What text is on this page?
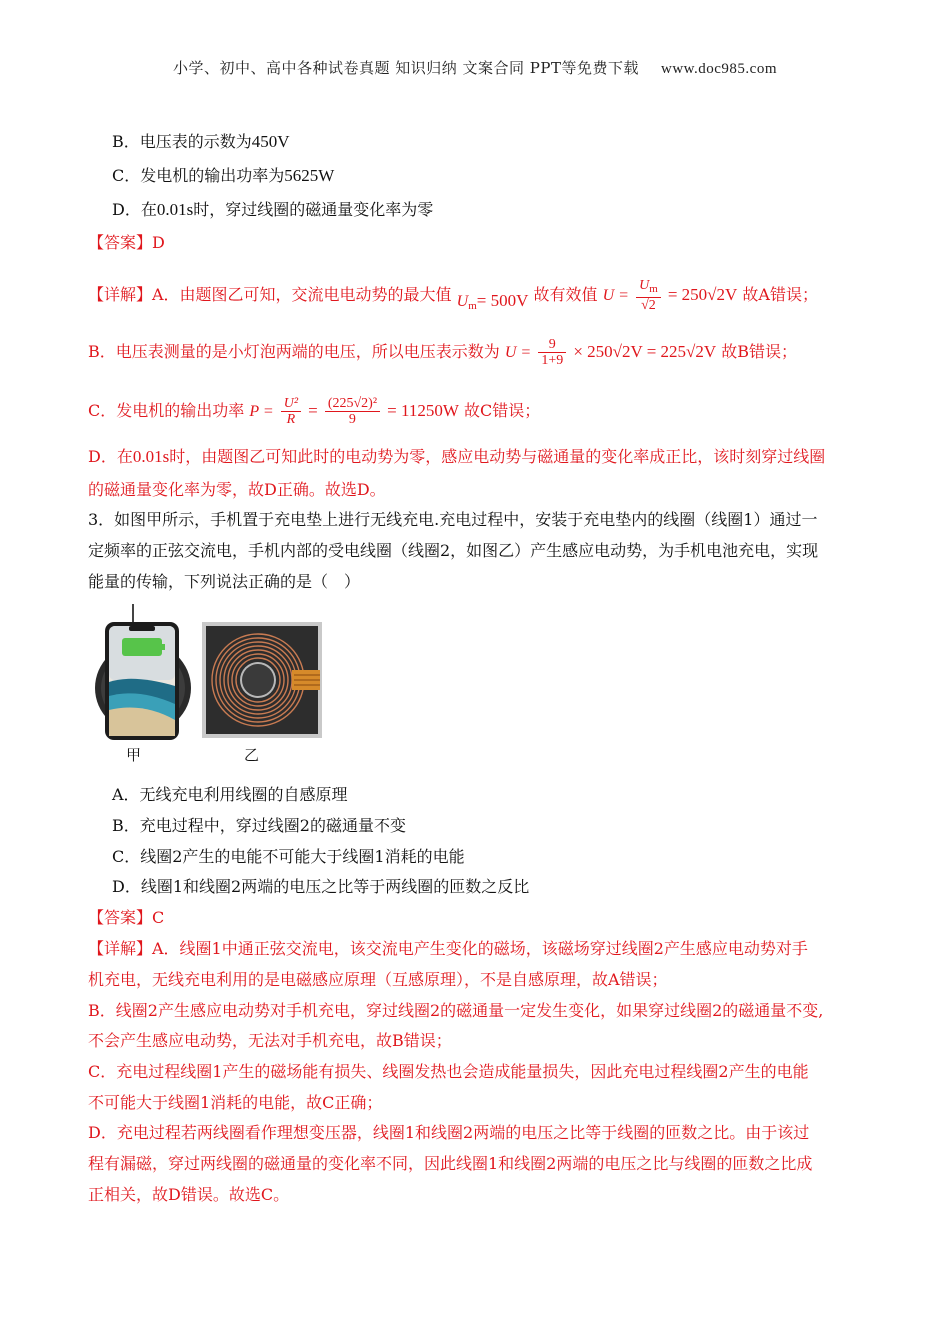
小学、初中、高中各种试卷真题 知识归纳 文案合同 PPT等免费下载 www.doc985.com
B．电压表的示数为450V
C．发电机的输出功率为5625W
D．在0.01s时，穿过线圈的磁通量变化率为零
【答案】D
【详解】A．由题图乙可知，交流电电动势的最大值 $U_m= 500V$ 故有效值 $U = \frac{U_m}{√2} = 250√2V$ 故A错误；
B．电压表测量的是小灯泡两端的电压，所以电压表示数为 $U = \frac{9}{1+9} \times 250√2V = 225√2V$ 故B错误；
C．发电机的输出功率 $P = \frac{\text{U²}}{R} = \frac{\text{(225√2)²}}{9} = 11250W$ 故C错误；
D．在0.01s时，由题图乙可知此时的电动势为零，感应电动势与磁通量的变化率成正比，该时刻穿过线圈
的磁通量变化率为零，故D正确。故选D。
3．如图甲所示，手机置于充电垫上进行无线充电.充电过程中，安装于充电垫内的线圈（线圈1）通过一
定频率的正弦交流电，手机内部的受电线圈（线圈2，如图乙）产生感应电动势，为手机电池充电，实现
能量的传输，下列说法正确的是（　）
甲	乙
A．无线充电利用线圈的自感原理
B．充电过程中，穿过线圈2的磁通量不变
C．线圈2产生的电能不可能大于线圈1消耗的电能
D．线圈1和线圈2两端的电压之比等于两线圈的匝数之反比
【答案】C
【详解】A．线圈1中通正弦交流电，该交流电产生变化的磁场，该磁场穿过线圈2产生感应电动势对手
机充电，无线充电利用的是电磁感应原理（互感原理），不是自感原理，故A错误；
B．线圈2产生感应电动势对手机充电，穿过线圈2的磁通量一定发生变化，如果穿过线圈2的磁通量不变,
不会产生感应电动势，无法对手机充电，故B错误；
C．充电过程线圈1产生的磁场能有损失、线圈发热也会造成能量损失，因此充电过程线圈2产生的电能
不可能大于线圈1消耗的电能，故C正确；
D．充电过程若两线圈看作理想变压器，线圈1和线圈2两端的电压之比等于线圈的匝数之比。由于该过
程有漏磁，穿过两线圈的磁通量的变化率不同，因此线圈1和线圈2两端的电压之比与线圈的匝数之比成
正相关，故D错误。故选C。
